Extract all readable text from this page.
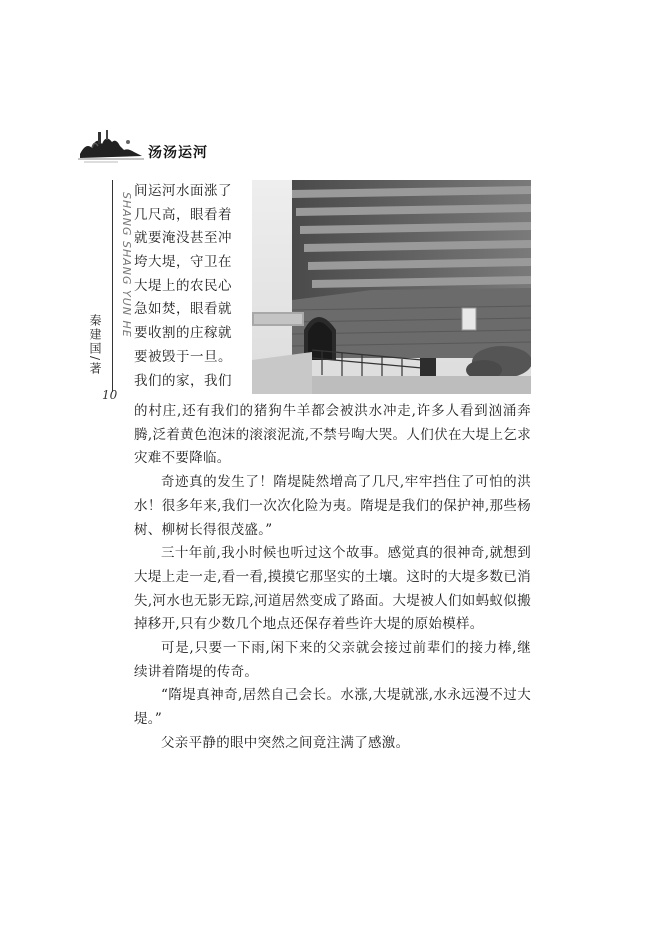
汤汤运河
SHANG SHANG YUN HE
秦建国/著
10
间运河水面涨了
几尺高，眼看着
就要淹没甚至冲
垮大堤，守卫在
大堤上的农民心
急如焚，眼看就
要收割的庄稼就
要被毁于一旦。
我们的家，我们

的村庄,还有我们的猪狗牛羊都会被洪水冲走,许多人看到汹涌奔腾,泛着黄色泡沫的滚滚泥流,不禁号啕大哭。人们伏在大堤上乞求灾难不要降临。

奇迹真的发生了！隋堤陡然增高了几尺,牢牢挡住了可怕的洪水！很多年来,我们一次次化险为夷。隋堤是我们的保护神,那些杨树、柳树长得很茂盛。”

三十年前,我小时候也听过这个故事。感觉真的很神奇,就想到大堤上走一走,看一看,摸摸它那坚实的土壤。这时的大堤多数已消失,河水也无影无踪,河道居然变成了路面。大堤被人们如蚂蚁似搬掉移开,只有少数几个地点还保存着些许大堤的原始模样。

可是,只要一下雨,闲下来的父亲就会接过前辈们的接力棒,继续讲着隋堤的传奇。

“隋堤真神奇,居然自己会长。水涨,大堤就涨,水永远漫不过大堤。”

父亲平静的眼中突然之间竟注满了感激。
